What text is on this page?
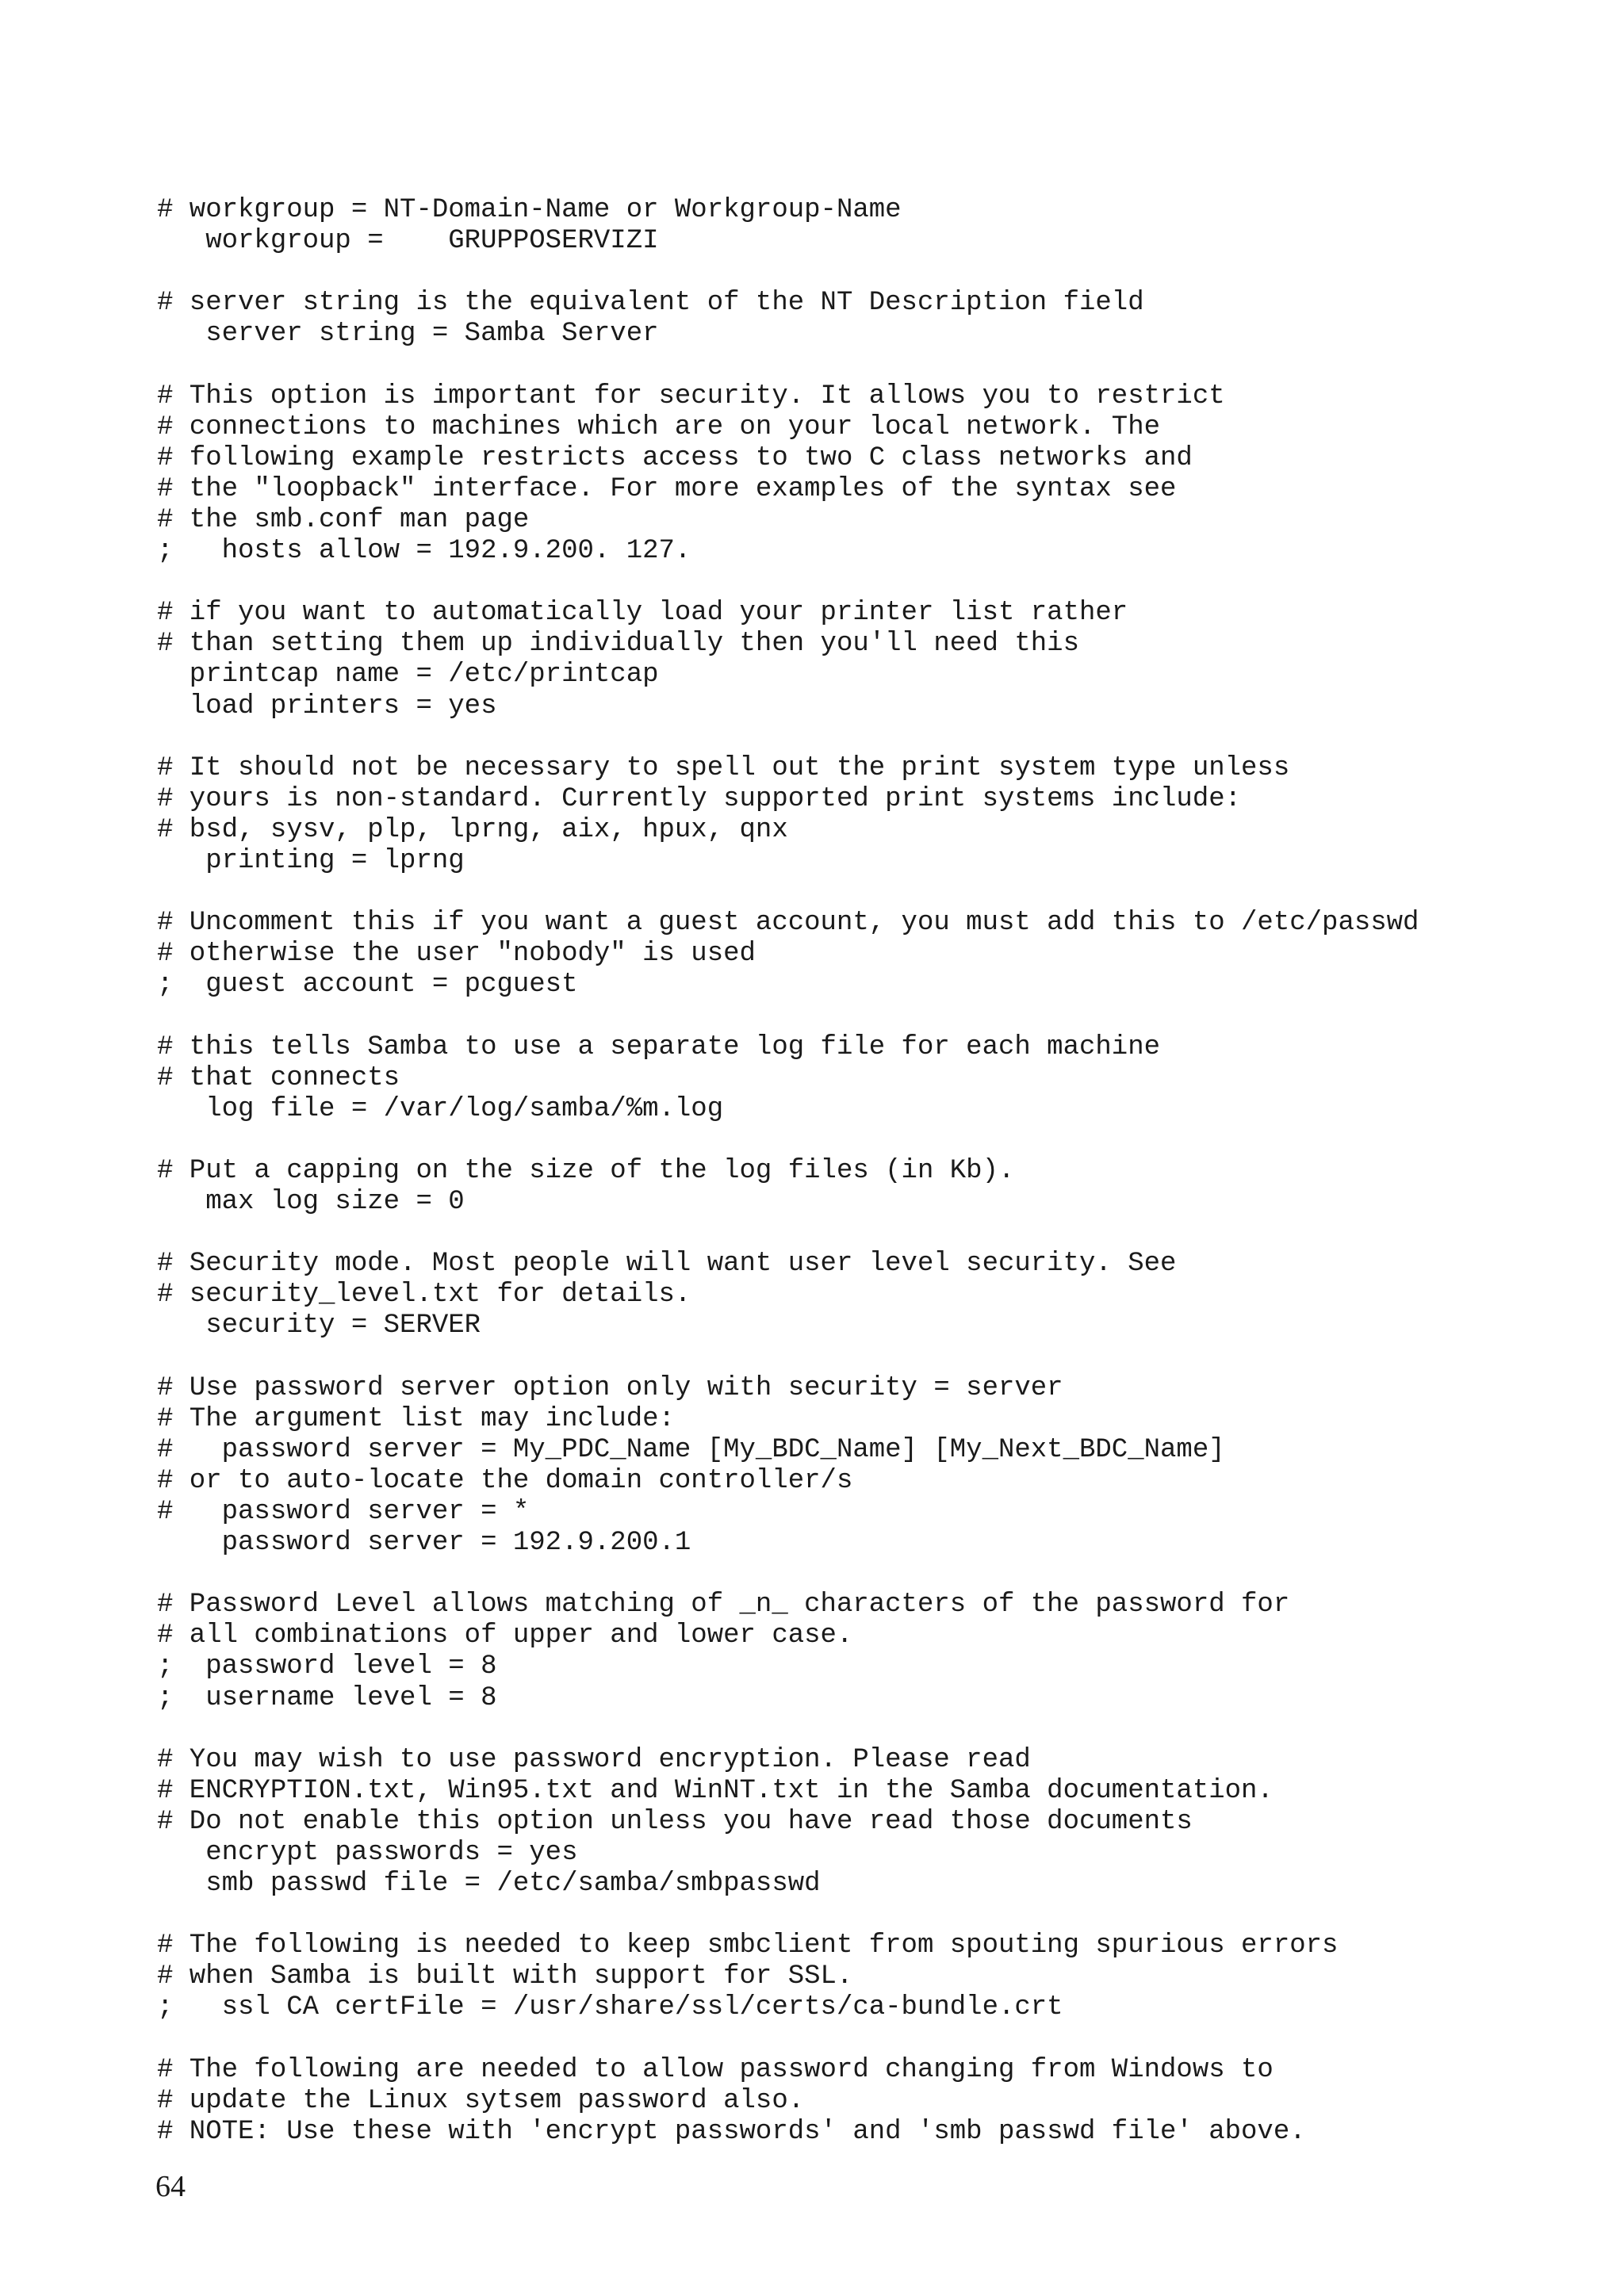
# workgroup = NT-Domain-Name or Workgroup-Name
workgroup =    GRUPPOSERVIZI
# server string is the equivalent of the NT Description field
server string = Samba Server
# This option is important for security. It allows you to restrict
# connections to machines which are on your local network. The
# following example restricts access to two C class networks and
# the "loopback" interface. For more examples of the syntax see
# the smb.conf man page
;   hosts allow = 192.9.200. 127.
# if you want to automatically load your printer list rather
# than setting them up individually then you'll need this
printcap name = /etc/printcap
load printers = yes
# It should not be necessary to spell out the print system type unless
# yours is non-standard. Currently supported print systems include:
# bsd, sysv, plp, lprng, aix, hpux, qnx
printing = lprng
# Uncomment this if you want a guest account, you must add this to /etc/passwd
# otherwise the user "nobody" is used
;  guest account = pcguest
# this tells Samba to use a separate log file for each machine
# that connects
log file = /var/log/samba/%m.log
# Put a capping on the size of the log files (in Kb).
max log size = 0
# Security mode. Most people will want user level security. See
# security_level.txt for details.
security = SERVER
# Use password server option only with security = server
# The argument list may include:
#   password server = My_PDC_Name [My_BDC_Name] [My_Next_BDC_Name]
# or to auto-locate the domain controller/s
#   password server = *
password server = 192.9.200.1
# Password Level allows matching of _n_ characters of the password for
# all combinations of upper and lower case.
;  password level = 8
;  username level = 8
# You may wish to use password encryption. Please read
# ENCRYPTION.txt, Win95.txt and WinNT.txt in the Samba documentation.
# Do not enable this option unless you have read those documents
encrypt passwords = yes
smb passwd file = /etc/samba/smbpasswd
# The following is needed to keep smbclient from spouting spurious errors
# when Samba is built with support for SSL.
;   ssl CA certFile = /usr/share/ssl/certs/ca-bundle.crt
# The following are needed to allow password changing from Windows to
# update the Linux sytsem password also.
# NOTE: Use these with 'encrypt passwords' and 'smb passwd file' above.
64
